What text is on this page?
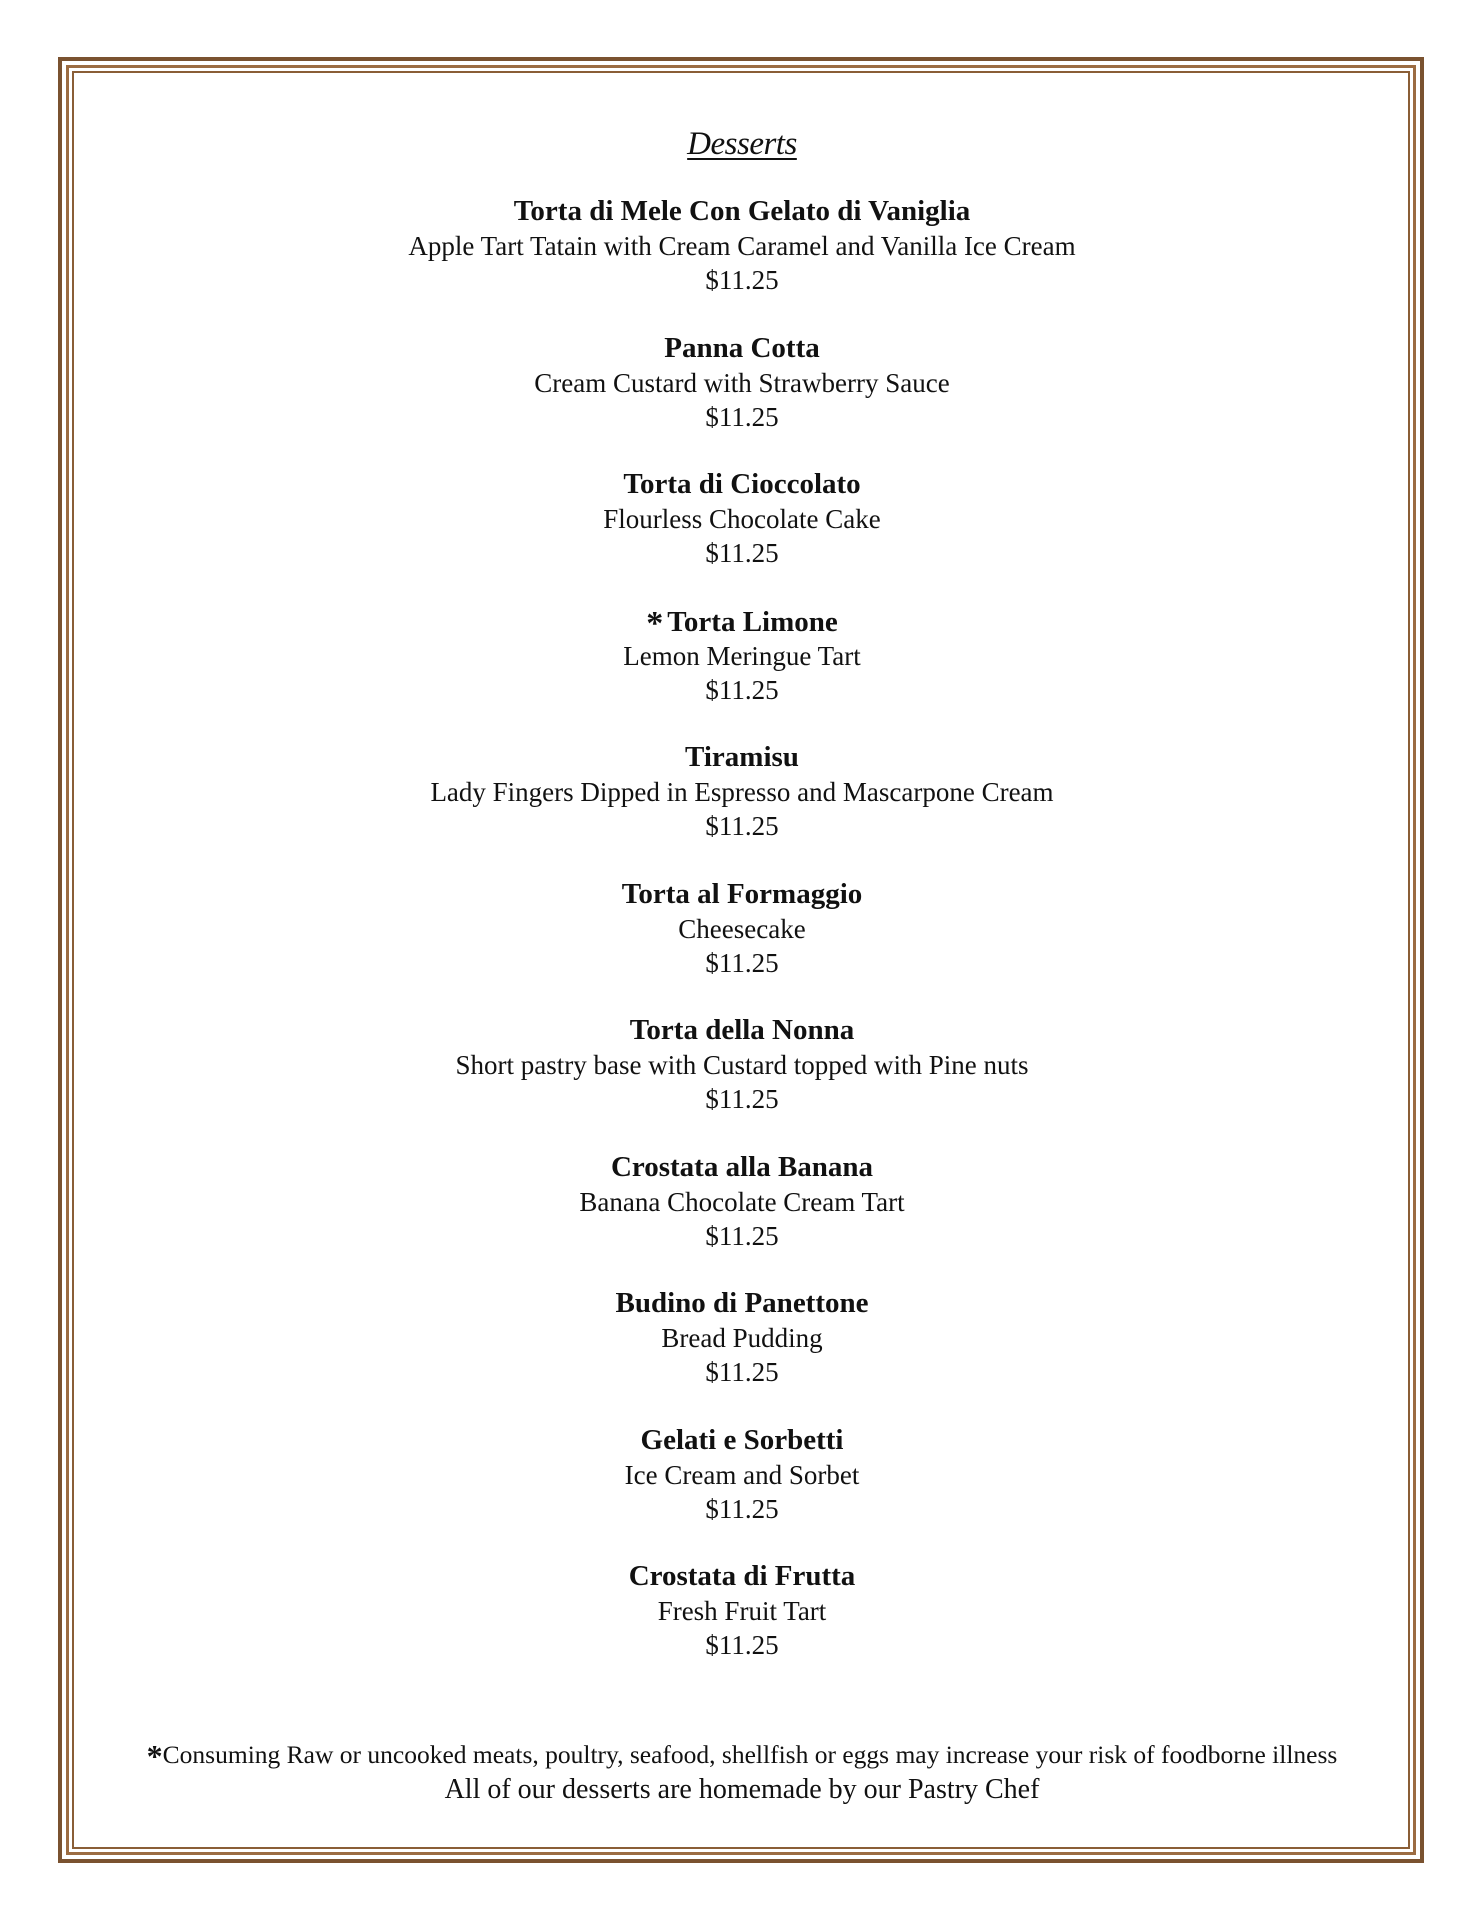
Desserts
Torta di Mele Con Gelato di Vaniglia
Apple Tart Tatain with Cream Caramel and Vanilla Ice Cream
$11.25
Panna Cotta
Cream Custard with Strawberry Sauce
$11.25
Torta di Cioccolato
Flourless Chocolate Cake
$11.25
* Torta Limone
Lemon Meringue Tart
$11.25
Tiramisu
Lady Fingers Dipped in Espresso and Mascarpone Cream
$11.25
Torta al Formaggio
Cheesecake
$11.25
Torta della Nonna
Short pastry base with Custard topped with Pine nuts
$11.25
Crostata alla Banana
Banana Chocolate Cream Tart
$11.25
Budino di Panettone
Bread Pudding
$11.25
Gelati e Sorbetti
Ice Cream and Sorbet
$11.25
Crostata di Frutta
Fresh Fruit Tart
$11.25
*Consuming Raw or uncooked meats, poultry, seafood, shellfish or eggs may increase your risk of foodborne illness
All of our desserts are homemade by our Pastry Chef
